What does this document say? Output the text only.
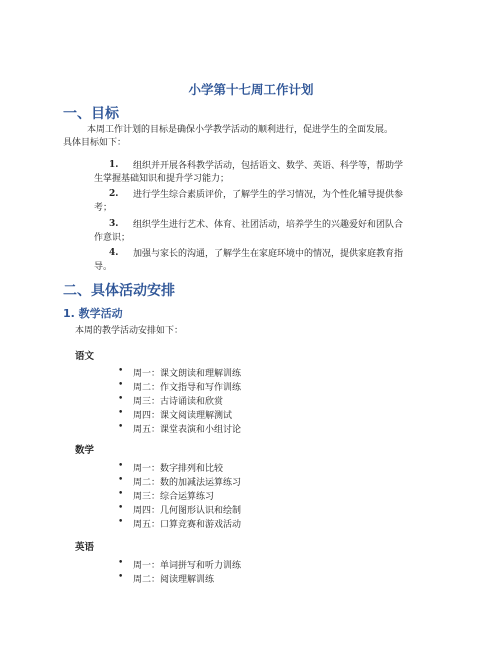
小学第十七周工作计划
一、目标
本周工作计划的目标是确保小学教学活动的顺利进行，促进学生的全面发展。
具体目标如下：
1. 组织并开展各科教学活动，包括语文、数学、英语、科学等，帮助学
生掌握基础知识和提升学习能力；
2. 进行学生综合素质评价，了解学生的学习情况，为个性化辅导提供参
考；
3. 组织学生进行艺术、体育、社团活动，培养学生的兴趣爱好和团队合
作意识；
4. 加强与家长的沟通，了解学生在家庭环境中的情况，提供家庭教育指
导。
二、具体活动安排
1. 教学活动
本周的教学活动安排如下：
语文
• 周一：课文朗读和理解训练
• 周二：作文指导和写作训练
• 周三：古诗诵读和欣赏
• 周四：课文阅读理解测试
• 周五：课堂表演和小组讨论
数学
• 周一：数字排列和比较
• 周二：数的加减法运算练习
• 周三：综合运算练习
• 周四：几何图形认识和绘制
• 周五：口算竞赛和游戏活动
英语
• 周一：单词拼写和听力训练
• 周二：阅读理解训练
